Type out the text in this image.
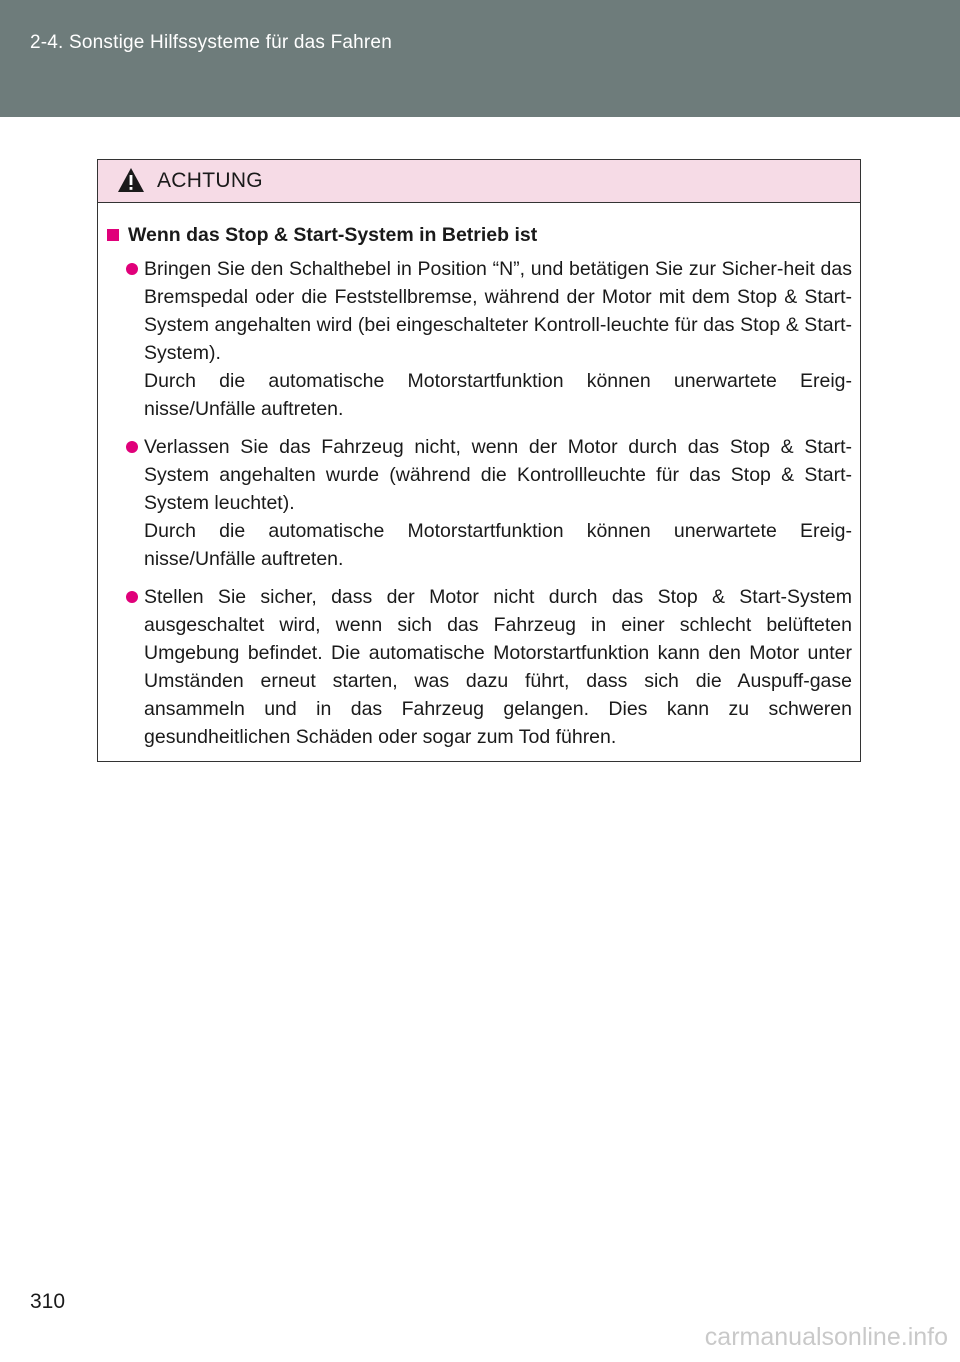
2-4. Sonstige Hilfssysteme für das Fahren
ACHTUNG
Wenn das Stop & Start-System in Betrieb ist
Bringen Sie den Schalthebel in Position “N”, und betätigen Sie zur Sicher-heit das Bremspedal oder die Feststellbremse, während der Motor mit dem Stop & Start-System angehalten wird (bei eingeschalteter Kontroll-leuchte für das Stop & Start-System).
Durch die automatische Motorstartfunktion können unerwartete Ereig-nisse/Unfälle auftreten.
Verlassen Sie das Fahrzeug nicht, wenn der Motor durch das Stop & Start-System angehalten wurde (während die Kontrollleuchte für das Stop & Start-System leuchtet).
Durch die automatische Motorstartfunktion können unerwartete Ereig-nisse/Unfälle auftreten.
Stellen Sie sicher, dass der Motor nicht durch das Stop & Start-System ausgeschaltet wird, wenn sich das Fahrzeug in einer schlecht belüfteten Umgebung befindet. Die automatische Motorstartfunktion kann den Motor unter Umständen erneut starten, was dazu führt, dass sich die Auspuff-gase ansammeln und in das Fahrzeug gelangen. Dies kann zu schweren gesundheitlichen Schäden oder sogar zum Tod führen.
310
carmanualsonline.info
